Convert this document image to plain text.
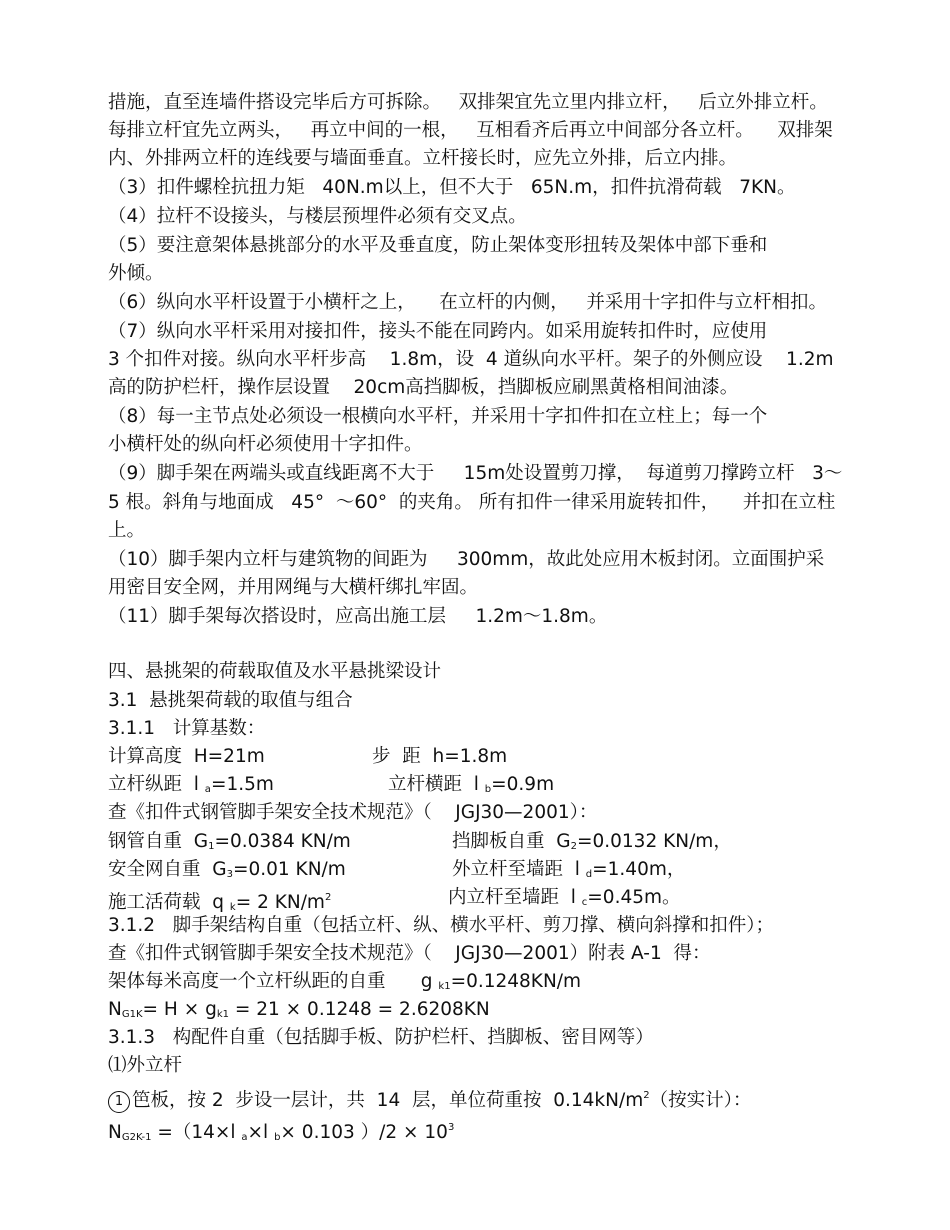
措施，直至连墙件搭设完毕后方可拆除。   双排架宜先立里内排立杆，   后立外排立杆。
每排立杆宜先立两头，   再立中间的一根，   互相看齐后再立中间部分各立杆。    双排架
内、外排两立杆的连线要与墙面垂直。立杆接长时，应先立外排，后立内排。
（3）扣件螺栓抗扭力矩   40N.m以上，但不大于   65N.m，扣件抗滑荷载   7KN。
（4）拉杆不设接头，与楼层预埋件必须有交叉点。
（5）要注意架体悬挑部分的水平及垂直度，防止架体变形扭转及架体中部下垂和
外倾。
（6）纵向水平杆设置于小横杆之上，    在立杆的内侧，   并采用十字扣件与立杆相扣。
（7）纵向水平杆采用对接扣件，接头不能在同跨内。如采用旋转扣件时，应使用
3 个扣件对接。纵向水平杆步高    1.8m，设  4 道纵向水平杆。架子的外侧应设    1.2m
高的防护栏杆，操作层设置    20cm高挡脚板，挡脚板应刷黑黄格相间油漆。
（8）每一主节点处必须设一根横向水平杆，并采用十字扣件扣在立柱上；每一个
小横杆处的纵向杆必须使用十字扣件。
（9）脚手架在两端头或直线距离不大于     15m处设置剪刀撑，  每道剪刀撑跨立杆   3～
5 根。斜角与地面成   45°  ～60°  的夹角。 所有扣件一律采用旋转扣件，    并扣在立柱
上。
（10）脚手架内立杆与建筑物的间距为     300mm，故此处应用木板封闭。立面围护采
用密目安全网，并用网绳与大横杆绑扎牢固。
（11）脚手架每次搭设时，应高出施工层     1.2m～1.8m。
四、悬挑架的荷载取值及水平悬挑梁设计
3.1  悬挑架荷载的取值与组合
3.1.1   计算基数：
计算高度  H=21m	步  距  h=1.8m
立杆纵距  l $_a$=1.5m	立杆横距  l $_b$=0.9m
查《扣件式钢管脚手架安全技术规范》（    JGJ30—2001）：
钢管自重  $G_1=0.0384$ KN/m	挡脚板自重  $G_2=0.0132$ KN/m，
安全网自重  $G_3=0.01$ KN/m	外立杆至墙距  l $_d$=1.40m，
施工活荷载  q $_k$= 2 $KN/m^2$	内立杆至墙距  l $_c$=0.45m。
3.1.2   脚手架结构自重（包括立杆、纵、横水平杆、剪刀撑、横向斜撑和扣件）；
查《扣件式钢管脚手架安全技术规范》（    JGJ30—2001）附表 A-1  得：
架体每米高度一个立杆纵距的自重      g $_{k1}$=0.1248KN/m
$N_{G1K}= H \times g_{k1} = 21 \times 0.1248 = 2.6208KN$
3.1.3   构配件自重（包括脚手板、防护栏杆、挡脚板、密目网等）
⑴外立杆
1 笆板，按 2  步设一层计，共  14  层，单位荷重按  $0.14kN/m^2$（按实计）：
$N_{G2K-1} =(14\times l$ $_a$×l $_b$× 0.103 ）$/2 \times 10^3$
